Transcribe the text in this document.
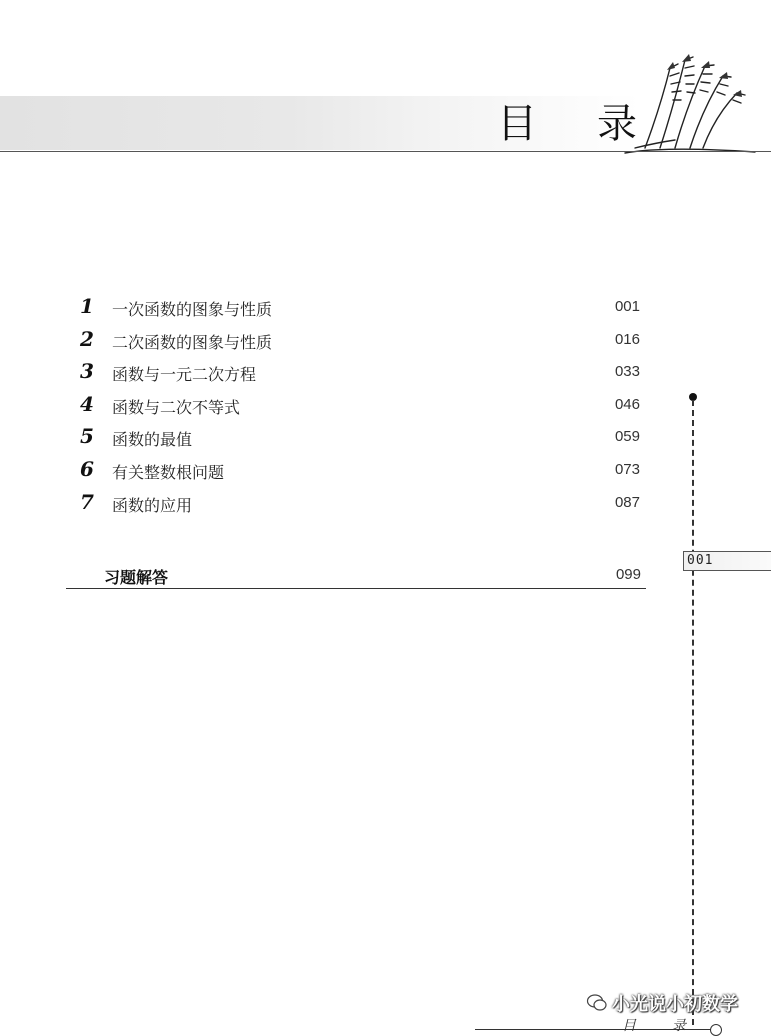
目 录
1 一次函数的图象与性质	001
2 二次函数的图象与性质	016
3 函数与一元二次方程	033
4 函数与二次不等式	046
5 函数的最值	059
6 有关整数根问题	073
7 函数的应用	087
习题解答	099
001
小光说小初数学
目	录
